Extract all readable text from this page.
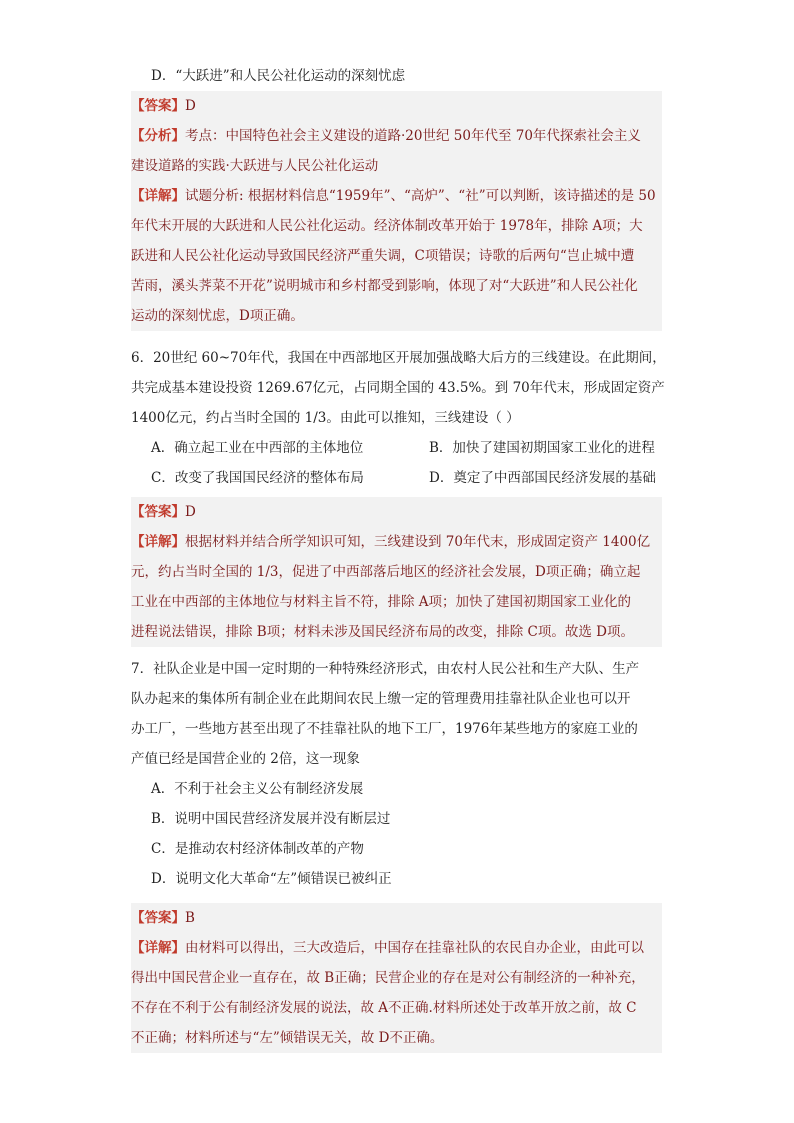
D．“大跃进”和人民公社化运动的深刻忧虑

【答案】D

【分析】考点：中国特色社会主义建设的道路·20世纪 50年代至 70年代探索社会主义

建设道路的实践·大跃进与人民公社化运动

【详解】试题分析: 根据材料信息“1959年”、“高炉”、“社”可以判断，该诗描述的是 50

年代末开展的大跃进和人民公社化运动。经济体制改革开始于 1978年，排除 A项；大

跃进和人民公社化运动导致国民经济严重失调，C项错误；诗歌的后两句“岂止城中遭

苦雨，溪头荠菜不开花”说明城市和乡村都受到影响，体现了对“大跃进”和人民公社化

运动的深刻忧虑，D项正确。

6．20世纪 60~70年代，我国在中西部地区开展加强战略大后方的三线建设。在此期间，

共完成基本建设投资 1269.67亿元，占同期全国的 43.5%。到 70年代末，形成固定资产

1400亿元，约占当时全国的 1/3。由此可以推知，三线建设（ ）

A．确立起工业在中西部的主体地位	B．加快了建国初期国家工业化的进程

C．改变了我国国民经济的整体布局	D．奠定了中西部国民经济发展的基础

【答案】D

【详解】根据材料并结合所学知识可知，三线建设到 70年代末，形成固定资产 1400亿

元，约占当时全国的 1/3，促进了中西部落后地区的经济社会发展，D项正确；确立起

工业在中西部的主体地位与材料主旨不符，排除 A项；加快了建国初期国家工业化的

进程说法错误，排除 B项；材料未涉及国民经济布局的改变，排除 C项。故选 D项。

7．社队企业是中国一定时期的一种特殊经济形式，由农村人民公社和生产大队、生产

队办起来的集体所有制企业在此期间农民上缴一定的管理费用挂靠社队企业也可以开

办工厂，一些地方甚至出现了不挂靠社队的地下工厂，1976年某些地方的家庭工业的

产值已经是国营企业的 2倍，这一现象

A．不利于社会主义公有制经济发展

B．说明中国民营经济发展并没有断层过

C．是推动农村经济体制改革的产物

D．说明文化大革命“左”倾错误已被纠正

【答案】B

【详解】由材料可以得出，三大改造后，中国存在挂靠社队的农民自办企业，由此可以

得出中国民营企业一直存在，故 B正确；民营企业的存在是对公有制经济的一种补充，

不存在不利于公有制经济发展的说法，故 A不正确.材料所述处于改革开放之前，故 C

不正确；材料所述与“左”倾错误无关，故 D不正确。
